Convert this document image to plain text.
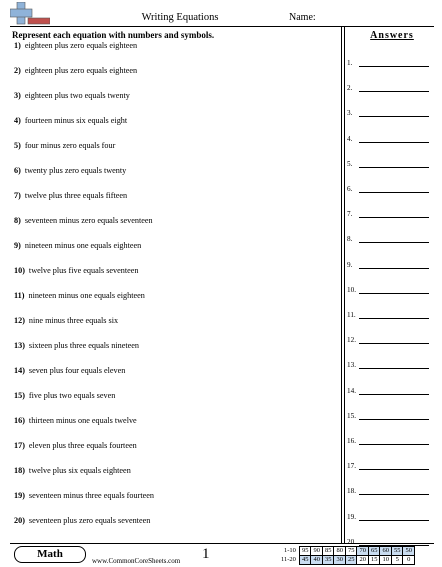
Writing Equations	Name:
Represent each equation with numbers and symbols.	Answers
1) eighteen plus zero equals eighteen
2) eighteen plus zero equals eighteen
3) eighteen plus two equals twenty
4) fourteen minus six equals eight
5) four minus zero equals four
6) twenty plus zero equals twenty
7) twelve plus three equals fifteen
8) seventeen minus zero equals seventeen
9) nineteen minus one equals eighteen
10) twelve plus five equals seventeen
11) nineteen minus one equals eighteen
12) nine minus three equals six
13) sixteen plus three equals nineteen
14) seven plus four equals eleven
15) five plus two equals seven
16) thirteen minus one equals twelve
17) eleven plus three equals fourteen
18) twelve plus six equals eighteen
19) seventeen minus three equals fourteen
20) seventeen plus zero equals seventeen
1.
2.
3.
4.
5.
6.
7.
8.
9.
10.
11.
12.
13.
14.
15.
16.
17.
18.
19.
20.
Math
www.CommonCoreSheets.com 1	1-10	95	90	85	80	75	70	65	60	55	50
11-20	45	40	35	30	25	20	15	10	5	0
